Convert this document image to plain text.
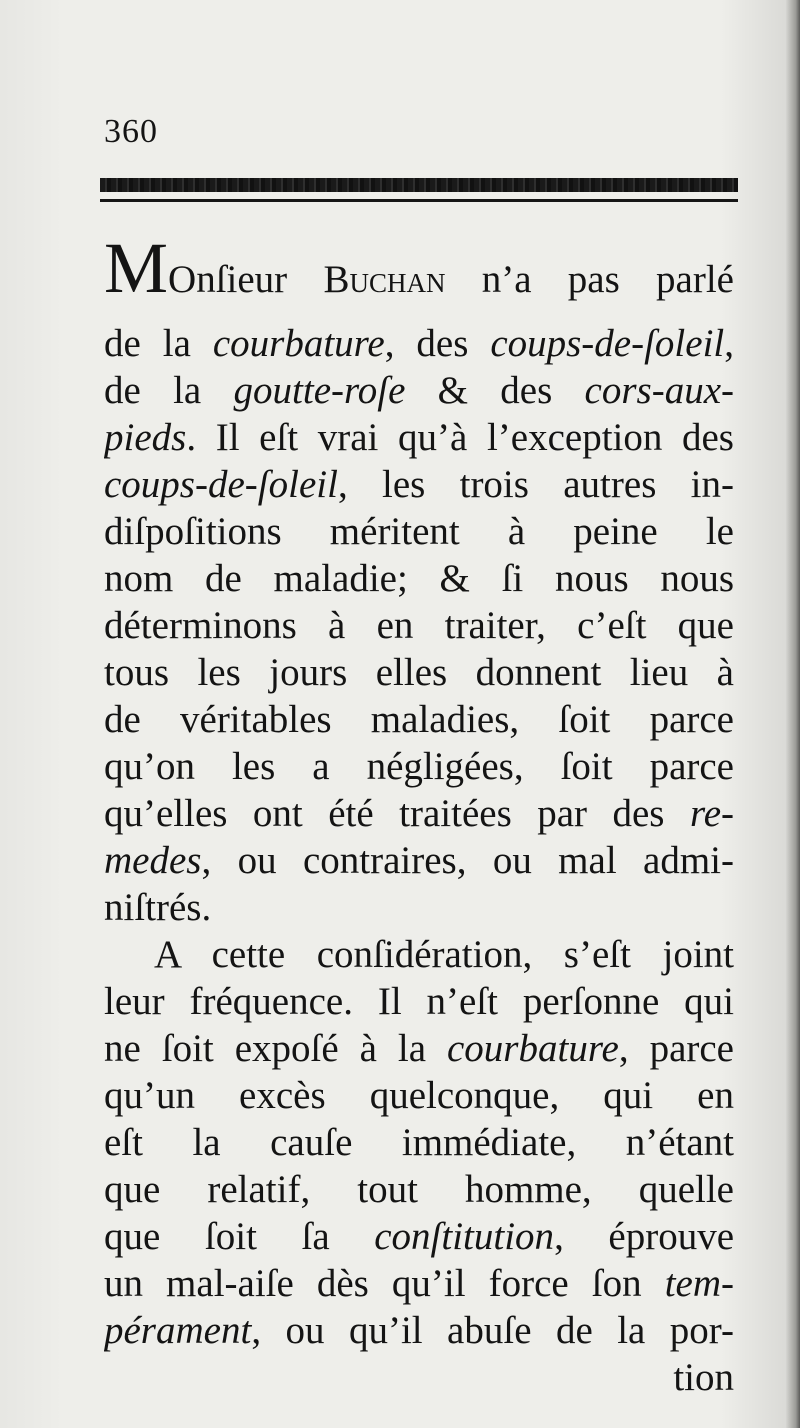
360
MOnſieur Buchan n’a pas parlé
de la courbature, des coups-de-ſoleil,
de la goutte-roſe & des cors-aux-
pieds. Il eſt vrai qu’à l’exception des
coups-de-ſoleil, les trois autres in-
diſpoſitions méritent à peine le
nom de maladie; & ſi nous nous
déterminons à en traiter, c’eſt que
tous les jours elles donnent lieu à
de véritables maladies, ſoit parce
qu’on les a négligées, ſoit parce
qu’elles ont été traitées par des re-
medes, ou contraires, ou mal admi-
niſtrés.
A cette conſidération, s’eſt joint
leur fréquence. Il n’eſt perſonne qui
ne ſoit expoſé à la courbature, parce
qu’un excès quelconque, qui en
eſt la cauſe immédiate, n’étant
que relatif, tout homme, quelle
que ſoit ſa conſtitution, éprouve
un mal-aiſe dès qu’il force ſon tem-
pérament, ou qu’il abuſe de la por-
tion
